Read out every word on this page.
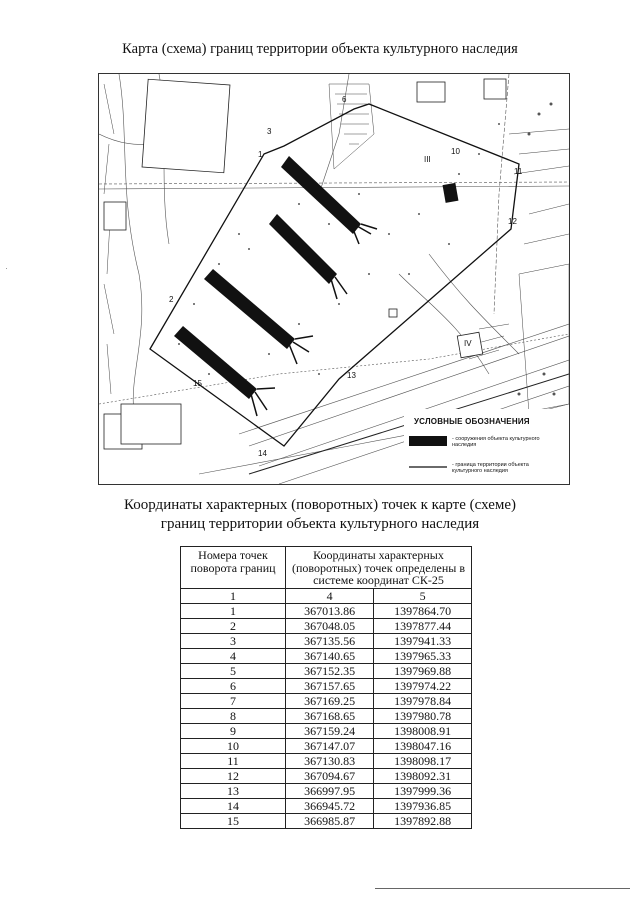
Карта (схема) границ территории объекта культурного наследия
2
15
13
14
10
11
12
6
1
3
III
IV
УСЛОВНЫЕ ОБОЗНАЧЕНИЯ
- сооружения объекта культурного наследия
- граница территории объекта культурного наследия
Координаты характерных (поворотных) точек к карте (схеме)
границ территории объекта культурного наследия
Номера точек поворота границ	Координаты характерных (поворотных) точек определены в системе координат СК-25	
1	4	5
1	367013.86	1397864.70
2	367048.05	1397877.44
3	367135.56	1397941.33
4	367140.65	1397965.33
5	367152.35	1397969.88
6	367157.65	1397974.22
7	367169.25	1397978.84
8	367168.65	1397980.78
9	367159.24	1398008.91
10	367147.07	1398047.16
11	367130.83	1398098.17
12	367094.67	1398092.31
13	366997.95	1397999.36
14	366945.72	1397936.85
15	366985.87	1397892.88
